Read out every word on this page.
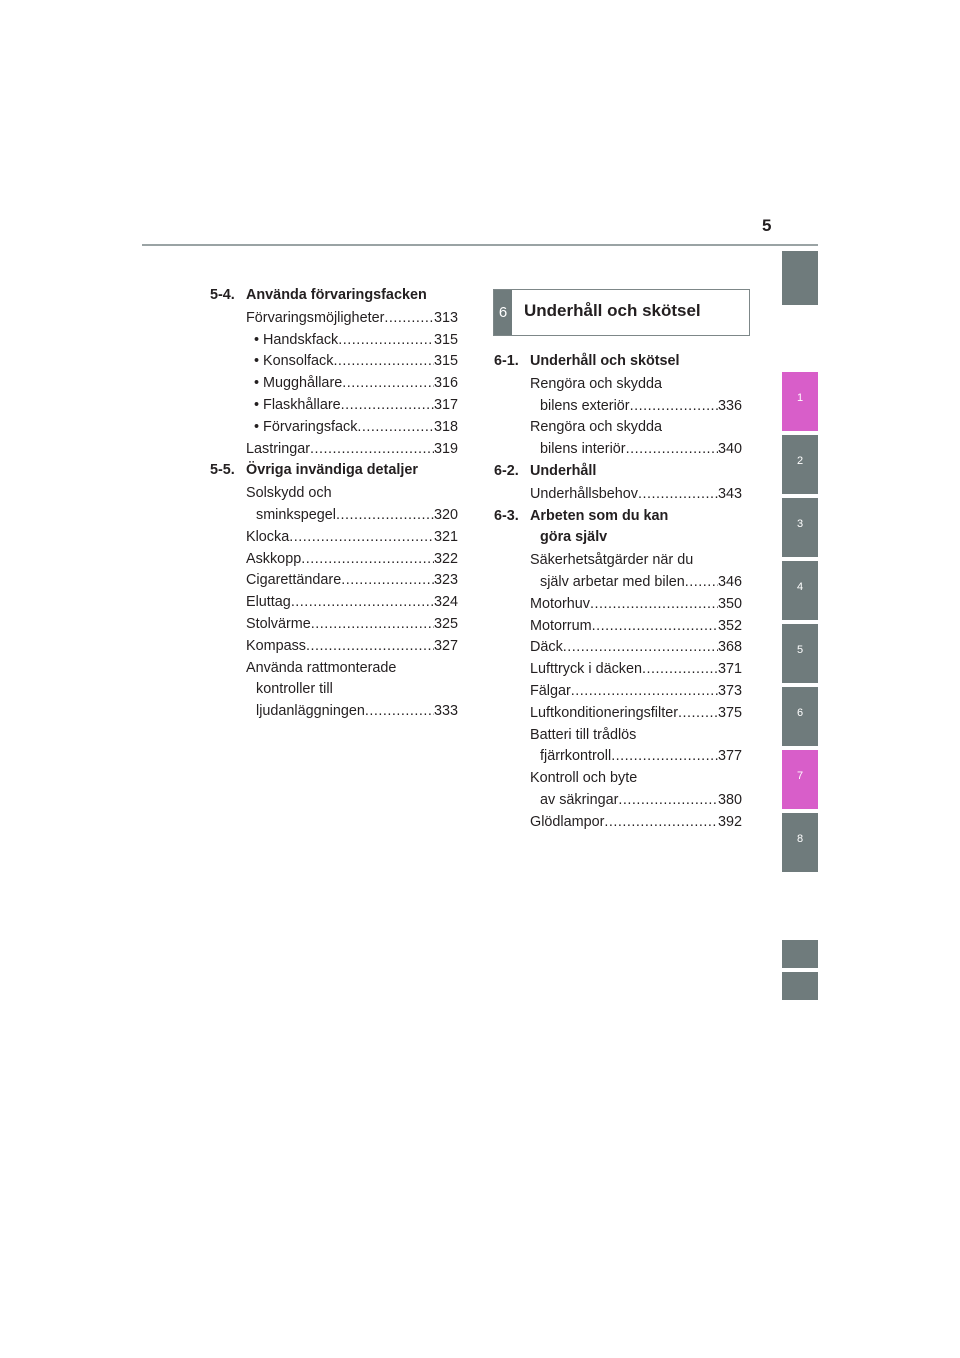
5
5-4. Använda förvaringsfacken
Förvaringsmöjligheter .....	313
• Handskfack .....	315
• Konsolfack .....	315
• Mugghållare .....	316
• Flaskhållare .....	317
• Förvaringsfack .....	318
Lastringar .....	319
5-5. Övriga invändiga detaljer
Solskydd och
sminkspegel .....	320
Klocka .....	321
Askkopp .....	322
Cigarettändare .....	323
Eluttag .....	324
Stolvärme .....	325
Kompass .....	327
Använda rattmonterade
kontroller till
ljudanläggningen .....	333
6 Underhåll och skötsel
6-1. Underhåll och skötsel
Rengöra och skydda
bilens exteriör .....	336
Rengöra och skydda
bilens interiör .....	340
6-2. Underhåll
Underhållsbehov .....	343
6-3. Arbeten som du kan
göra själv
Säkerhetsåtgärder när du
själv arbetar med bilen ..... 346
Motorhuv .....	350
Motorrum .....	352
Däck .....	368
Lufttryck i däcken .....	371
Fälgar .....	373
Luftkonditioneringsfilter .....	375
Batteri till trådlös
fjärrkontroll .....	377
Kontroll och byte
av säkringar .....	380
Glödlampor .....	392
1
2
3
4
5
6
7
8
